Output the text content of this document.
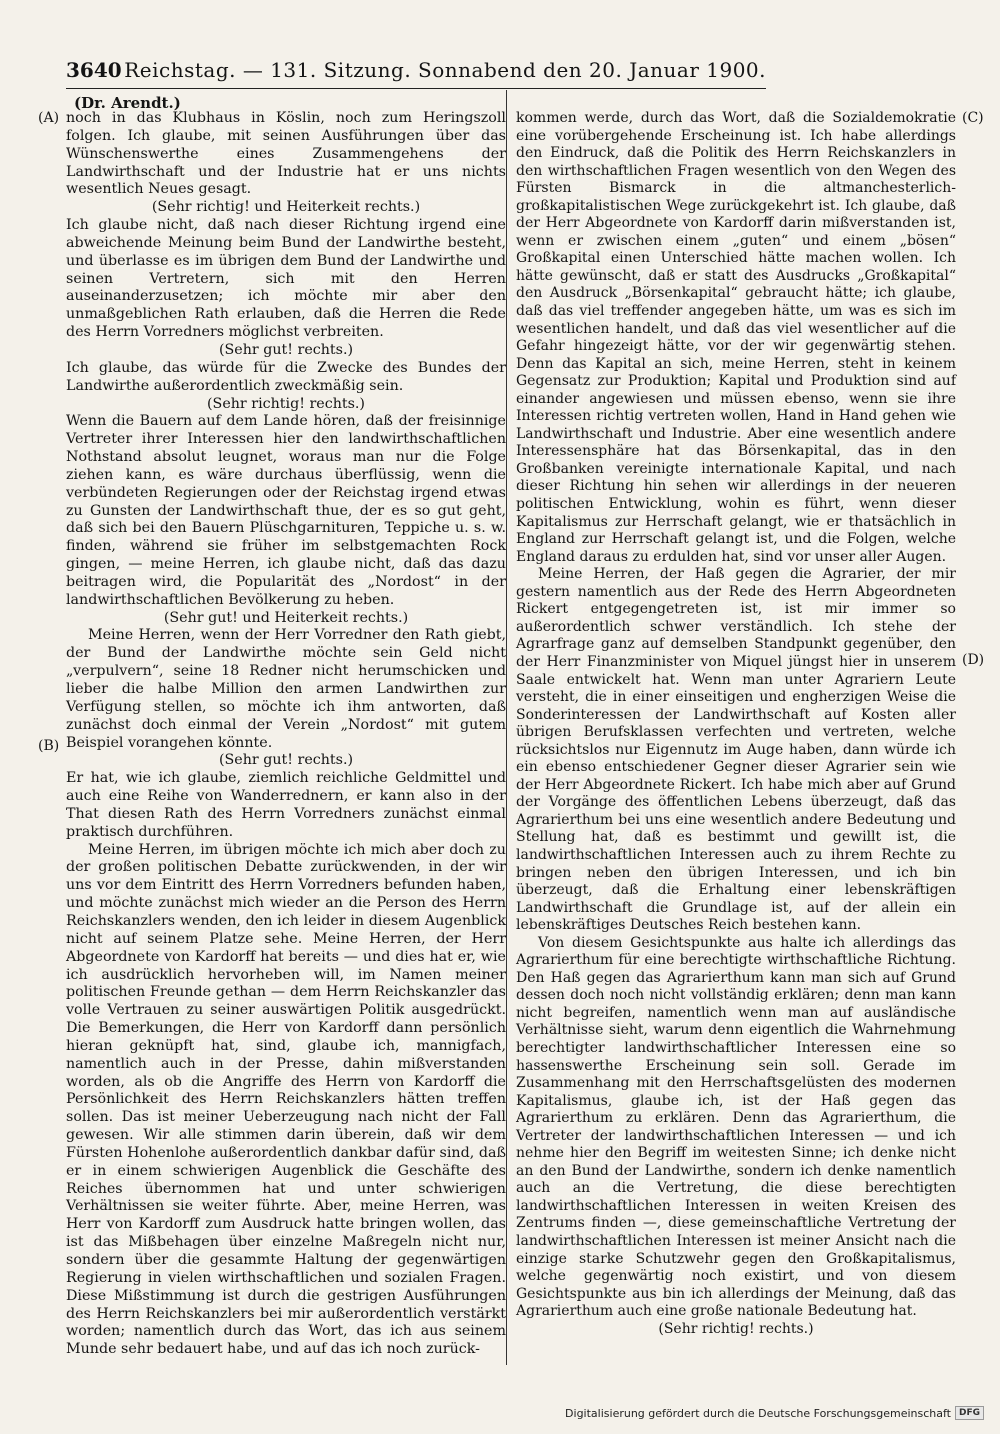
3640 Reichstag. — 131. Sitzung. Sonnabend den 20. Januar 1900.
(Dr. Arendt.)
(A)
(B)
(C)
(D)

noch in das Klubhaus in Köslin, noch zum Heringszoll folgen. Ich glaube, mit seinen Ausführungen über das Wünschenswerthe eines Zusammengehens der Landwirthschaft und der Industrie hat er uns nichts wesentlich Neues gesagt.

(Sehr richtig! und Heiterkeit rechts.)

Ich glaube nicht, daß nach dieser Richtung irgend eine abweichende Meinung beim Bund der Landwirthe besteht, und überlasse es im übrigen dem Bund der Landwirthe und seinen Vertretern, sich mit den Herren auseinanderzusetzen; ich möchte mir aber den unmaßgeblichen Rath erlauben, daß die Herren die Rede des Herrn Vorredners möglichst verbreiten.

(Sehr gut! rechts.)

Ich glaube, das würde für die Zwecke des Bundes der Landwirthe außerordentlich zweckmäßig sein.

(Sehr richtig! rechts.)

Wenn die Bauern auf dem Lande hören, daß der freisinnige Vertreter ihrer Interessen hier den landwirthschaftlichen Nothstand absolut leugnet, woraus man nur die Folge ziehen kann, es wäre durchaus überflüssig, wenn die verbündeten Regierungen oder der Reichstag irgend etwas zu Gunsten der Landwirthschaft thue, der es so gut geht, daß sich bei den Bauern Plüschgarnituren, Teppiche u. s. w. finden, während sie früher im selbstgemachten Rock gingen, — meine Herren, ich glaube nicht, daß das dazu beitragen wird, die Popularität des „Nordost“ in der landwirthschaftlichen Bevölkerung zu heben.

(Sehr gut! und Heiterkeit rechts.)

Meine Herren, wenn der Herr Vorredner den Rath giebt, der Bund der Landwirthe möchte sein Geld nicht „verpulvern“, seine 18 Redner nicht herumschicken und lieber die halbe Million den armen Landwirthen zur Verfügung stellen, so möchte ich ihm antworten, daß zunächst doch einmal der Verein „Nordost“ mit gutem Beispiel vorangehen könnte.

(Sehr gut! rechts.)

Er hat, wie ich glaube, ziemlich reichliche Geldmittel und auch eine Reihe von Wanderrednern, er kann also in der That diesen Rath des Herrn Vorredners zunächst einmal praktisch durchführen.

Meine Herren, im übrigen möchte ich mich aber doch zu der großen politischen Debatte zurückwenden, in der wir uns vor dem Eintritt des Herrn Vorredners befunden haben, und möchte zunächst mich wieder an die Person des Herrn Reichskanzlers wenden, den ich leider in diesem Augenblick nicht auf seinem Platze sehe. Meine Herren, der Herr Abgeordnete von Kardorff hat bereits — und dies hat er, wie ich ausdrücklich hervorheben will, im Namen meiner politischen Freunde gethan — dem Herrn Reichskanzler das volle Vertrauen zu seiner auswärtigen Politik ausgedrückt. Die Bemerkungen, die Herr von Kardorff dann persönlich hieran geknüpft hat, sind, glaube ich, mannigfach, namentlich auch in der Presse, dahin mißverstanden worden, als ob die Angriffe des Herrn von Kardorff die Persönlichkeit des Herrn Reichskanzlers hätten treffen sollen. Das ist meiner Ueberzeugung nach nicht der Fall gewesen. Wir alle stimmen darin überein, daß wir dem Fürsten Hohenlohe außerordentlich dankbar dafür sind, daß er in einem schwierigen Augenblick die Geschäfte des Reiches übernommen hat und unter schwierigen Verhältnissen sie weiter führte. Aber, meine Herren, was Herr von Kardorff zum Ausdruck hatte bringen wollen, das ist das Mißbehagen über einzelne Maßregeln nicht nur, sondern über die gesammte Haltung der gegenwärtigen Regierung in vielen wirthschaftlichen und sozialen Fragen. Diese Mißstimmung ist durch die gestrigen Ausführungen des Herrn Reichskanzlers bei mir außerordentlich verstärkt worden; namentlich durch das Wort, das ich aus seinem Munde sehr bedauert habe, und auf das ich noch zurück-

kommen werde, durch das Wort, daß die Sozialdemokratie eine vorübergehende Erscheinung ist. Ich habe allerdings den Eindruck, daß die Politik des Herrn Reichskanzlers in den wirthschaftlichen Fragen wesentlich von den Wegen des Fürsten Bismarck in die altmanchesterlich-großkapitalistischen Wege zurückgekehrt ist. Ich glaube, daß der Herr Abgeordnete von Kardorff darin mißverstanden ist, wenn er zwischen einem „guten“ und einem „bösen“ Großkapital einen Unterschied hätte machen wollen. Ich hätte gewünscht, daß er statt des Ausdrucks „Großkapital“ den Ausdruck „Börsenkapital“ gebraucht hätte; ich glaube, daß das viel treffender angegeben hätte, um was es sich im wesentlichen handelt, und daß das viel wesentlicher auf die Gefahr hingezeigt hätte, vor der wir gegenwärtig stehen. Denn das Kapital an sich, meine Herren, steht in keinem Gegensatz zur Produktion; Kapital und Produktion sind auf einander angewiesen und müssen ebenso, wenn sie ihre Interessen richtig vertreten wollen, Hand in Hand gehen wie Landwirthschaft und Industrie. Aber eine wesentlich andere Interessensphäre hat das Börsenkapital, das in den Großbanken vereinigte internationale Kapital, und nach dieser Richtung hin sehen wir allerdings in der neueren politischen Entwicklung, wohin es führt, wenn dieser Kapitalismus zur Herrschaft gelangt, wie er thatsächlich in England zur Herrschaft gelangt ist, und die Folgen, welche England daraus zu erdulden hat, sind vor unser aller Augen.

Meine Herren, der Haß gegen die Agrarier, der mir gestern namentlich aus der Rede des Herrn Abgeordneten Rickert entgegengetreten ist, ist mir immer so außerordentlich schwer verständlich. Ich stehe der Agrarfrage ganz auf demselben Standpunkt gegenüber, den der Herr Finanzminister von Miquel jüngst hier in unserem Saale entwickelt hat. Wenn man unter Agrariern Leute versteht, die in einer einseitigen und engherzigen Weise die Sonderinteressen der Landwirthschaft auf Kosten aller übrigen Berufsklassen verfechten und vertreten, welche rücksichtslos nur Eigennutz im Auge haben, dann würde ich ein ebenso entschiedener Gegner dieser Agrarier sein wie der Herr Abgeordnete Rickert. Ich habe mich aber auf Grund der Vorgänge des öffentlichen Lebens überzeugt, daß das Agrarierthum bei uns eine wesentlich andere Bedeutung und Stellung hat, daß es bestimmt und gewillt ist, die landwirthschaftlichen Interessen auch zu ihrem Rechte zu bringen neben den übrigen Interessen, und ich bin überzeugt, daß die Erhaltung einer lebenskräftigen Landwirthschaft die Grundlage ist, auf der allein ein lebenskräftiges Deutsches Reich bestehen kann.

Von diesem Gesichtspunkte aus halte ich allerdings das Agrarierthum für eine berechtigte wirthschaftliche Richtung. Den Haß gegen das Agrarierthum kann man sich auf Grund dessen doch noch nicht vollständig erklären; denn man kann nicht begreifen, namentlich wenn man auf ausländische Verhältnisse sieht, warum denn eigentlich die Wahrnehmung berechtigter landwirthschaftlicher Interessen eine so hassenswerthe Erscheinung sein soll. Gerade im Zusammenhang mit den Herrschaftsgelüsten des modernen Kapitalismus, glaube ich, ist der Haß gegen das Agrarierthum zu erklären. Denn das Agrarierthum, die Vertreter der landwirthschaftlichen Interessen — und ich nehme hier den Begriff im weitesten Sinne; ich denke nicht an den Bund der Landwirthe, sondern ich denke namentlich auch an die Vertretung, die diese berechtigten landwirthschaftlichen Interessen in weiten Kreisen des Zentrums finden —, diese gemeinschaftliche Vertretung der landwirthschaftlichen Interessen ist meiner Ansicht nach die einzige starke Schutzwehr gegen den Großkapitalismus, welche gegenwärtig noch existirt, und von diesem Gesichtspunkte aus bin ich allerdings der Meinung, daß das Agrarierthum auch eine große nationale Bedeutung hat.

(Sehr richtig! rechts.)

Digitalisierung gefördert durch die Deutsche Forschungsgemeinschaft DFG
